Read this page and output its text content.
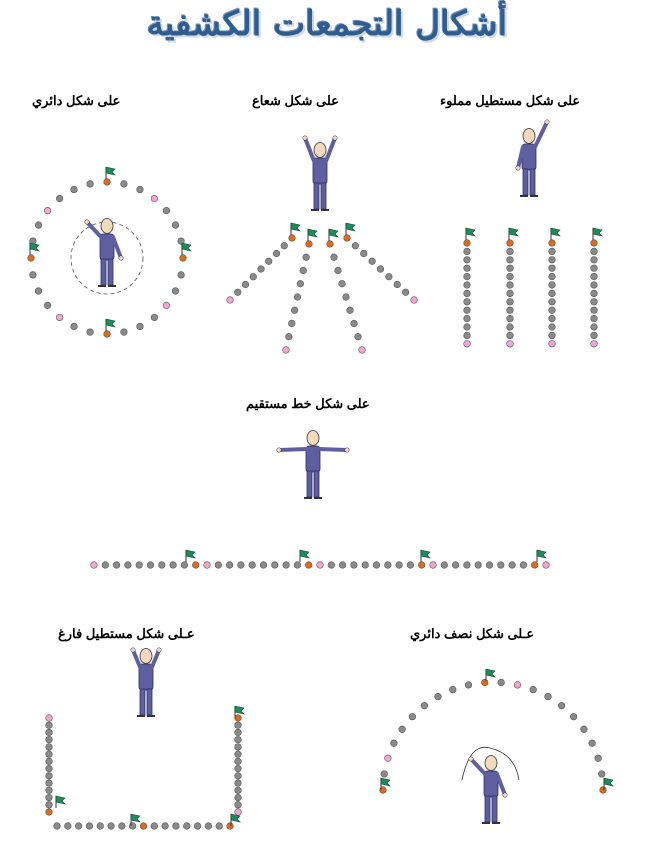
أشكال التجمعات الكشفية
على شكل دائري	على شكل شعاع	على شكل مستطيل مملوء
على شكل خط مستقيم
عـلى شكل مستطيل فارغ	عـلى شكل نصف دائري
